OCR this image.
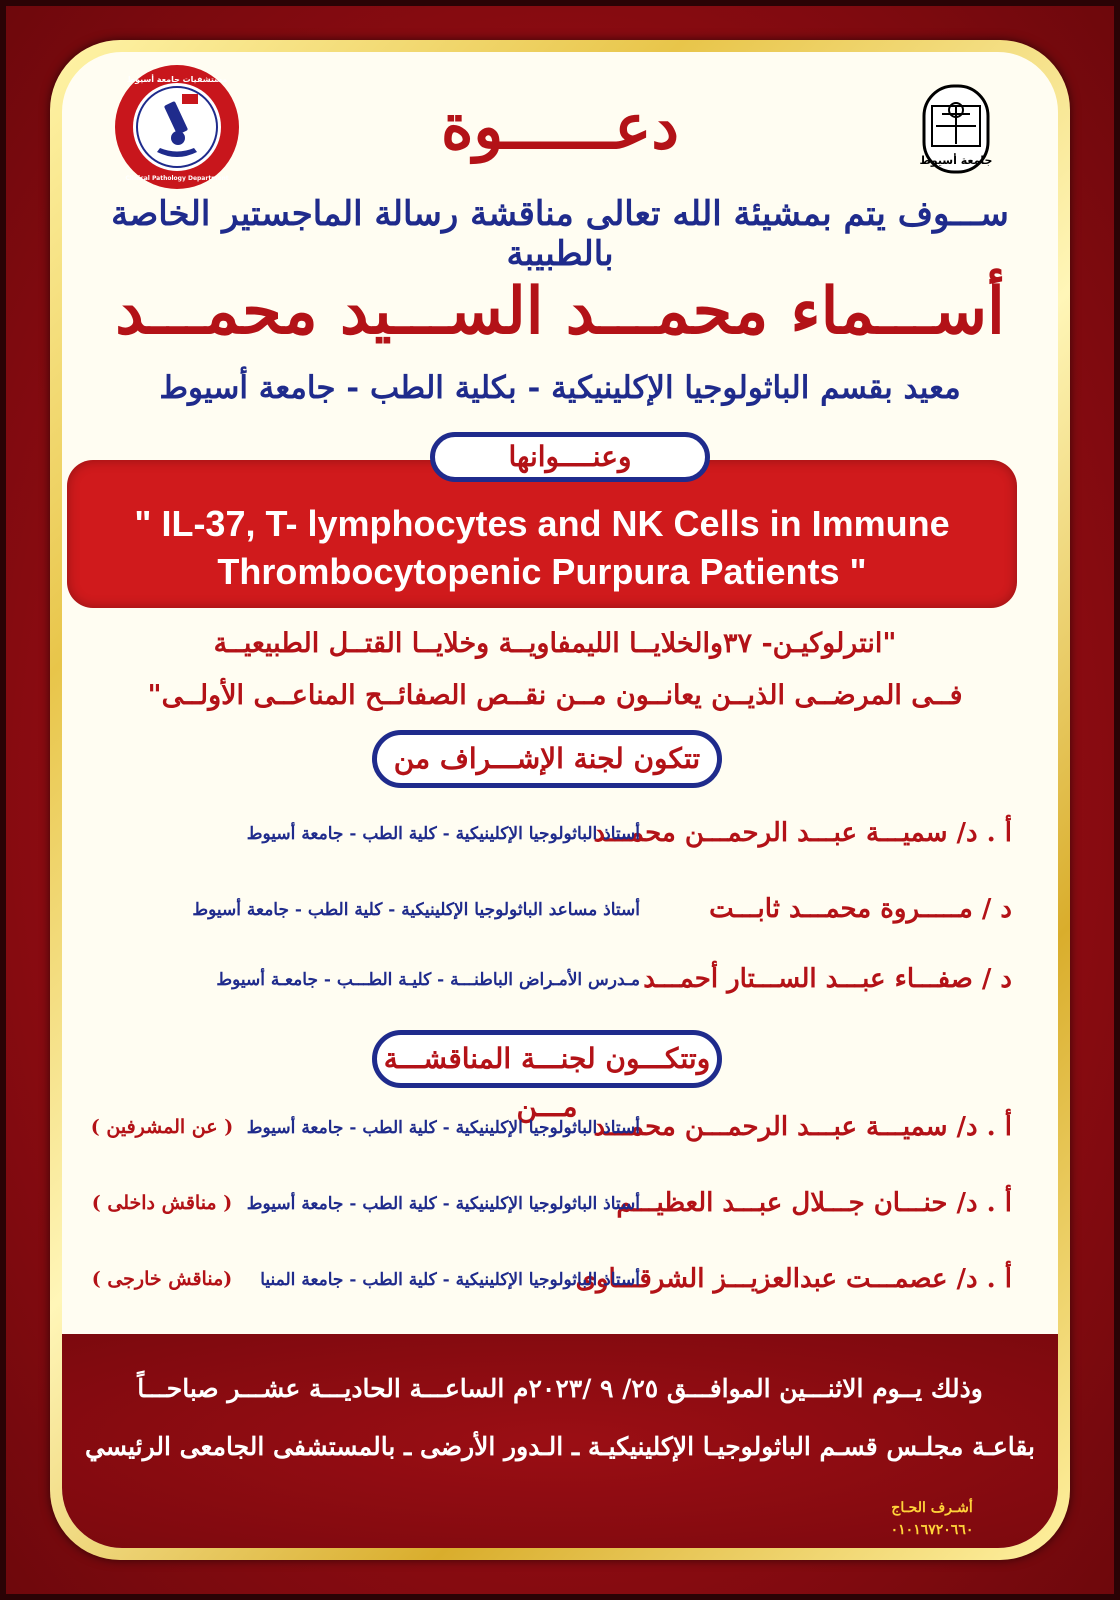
مستشفيات جامعة أسيوط
Clinical Pathology Department
جامعة أسيوط
دعــــــوة
ســـوف يتم بمشيئة الله تعالى مناقشة رسالة الماجستير الخاصة بالطبيبة
أســـماء محمـــد الســـيد محمـــد
معيد بقسم الباثولوجيا الإكلينيكية - بكلية الطب - جامعة أسيوط
" IL-37, T- lymphocytes and NK Cells in Immune
Thrombocytopenic Purpura Patients "
وعنــــوانها
"انترلوكيـن- ٣٧والخلايــا الليمفاويــة وخلايــا القتــل الطبيعيــة
فــى المرضــى الذيــن يعانــون مــن نقــص الصفائــح المناعــى الأولــى"
تتكون لجنة الإشـــراف من
أ . د/ سميـــة عبـــد الرحمـــن محمـــد
أستاذ الباثولوجيا الإكلينيكية - كلية الطب - جامعة أسيوط
د / مـــــروة محمـــد ثابـــت
أستاذ مساعد الباثولوجيا الإكلينيكية - كلية الطب - جامعة أسيوط
د / صفـــاء عبـــد الســـتار أحمـــد
مـدرس الأمـراض الباطنـــة - كليـة الطـــب - جامعـة أسيوط
وتتكـــون لجنـــة المناقشـــة مـــن
أ . د/ سميـــة عبـــد الرحمـــن محمـــد
أستاذ الباثولوجيا الإكلينيكية - كلية الطب - جامعة أسيوط
( عن المشرفين )
أ . د/ حنـــان جـــلال عبـــد العظيـــم
أستاذ الباثولوجيا الإكلينيكية - كلية الطب - جامعة أسيوط
( مناقش داخلى )
أ . د/ عصمـــت عبدالعزيـــز الشرقـــاوى
أستاذ الباثولوجيا الإكلينيكية - كلية الطب - جامعة المنيا
(مناقش خارجى )
وذلك يــوم الاثنـــين الموافـــق ٢٥/ ٩ /٢٠٢٣م الساعـــة الحاديـــة عشـــر صباحـــاً
بقاعـة مجلـس قسـم الباثولوجيـا الإكلينيكيـة ـ الـدور الأرضى ـ بالمستشفى الجامعى الرئيسي
أشـرف الحـاج
٠١٠١٦٧٢٠٦٦٠
